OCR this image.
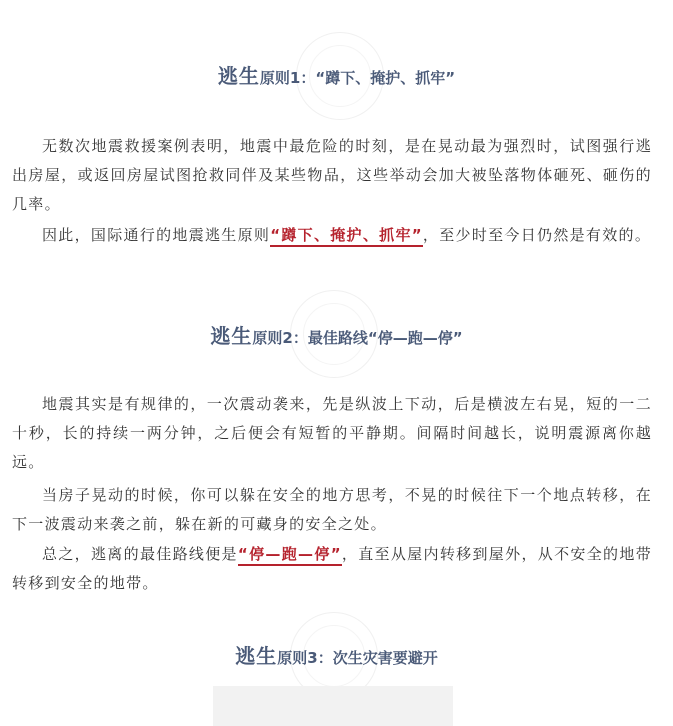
逃生原则1：“蹲下、掩护、抓牢”

无数次地震救援案例表明，地震中最危险的时刻，是在晃动最为强烈时，试图强行逃出房屋，或返回房屋试图抢救同伴及某些物品，这些举动会加大被坠落物体砸死、砸伤的几率。

因此，国际通行的地震逃生原则“蹲下、掩护、抓牢”，至少时至今日仍然是有效的。

逃生原则2：最佳路线“停—跑—停”

地震其实是有规律的，一次震动袭来，先是纵波上下动，后是横波左右晃，短的一二十秒，长的持续一两分钟，之后便会有短暂的平静期。间隔时间越长，说明震源离你越远。

当房子晃动的时候，你可以躲在安全的地方思考，不晃的时候往下一个地点转移，在下一波震动来袭之前，躲在新的可藏身的安全之处。

总之，逃离的最佳路线便是“停—跑—停”，直至从屋内转移到屋外，从不安全的地带转移到安全的地带。

逃生原则3：次生灾害要避开
